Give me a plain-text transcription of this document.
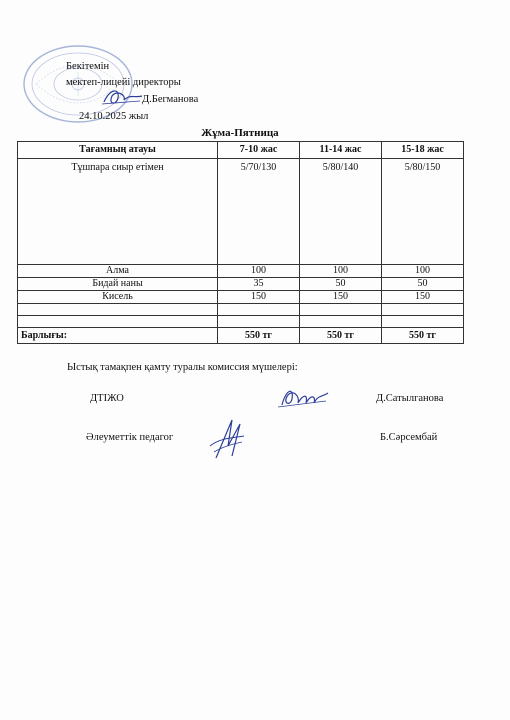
Бекітемін
мектеп-лицейі директоры
Д.Бегманова
24.10.2025 жыл
Жұма-Пятница
Тағамның атауы	7-10 жас	11-14 жас	15-18 жас
Тұшпара сиыр етімен	5/70/130	5/80/140	5/80/150
Алма	100	100	100
Бидай наны	35	50	50
Кисель	150	150	150

Барлығы:	550 тг	550 тг	550 тг
Ыстық тамақпен қамту туралы комиссия мүшелері:
ДТІЖО	Д.Сатылганова
Әлеуметтік педагог	Б.Сәрсембай
